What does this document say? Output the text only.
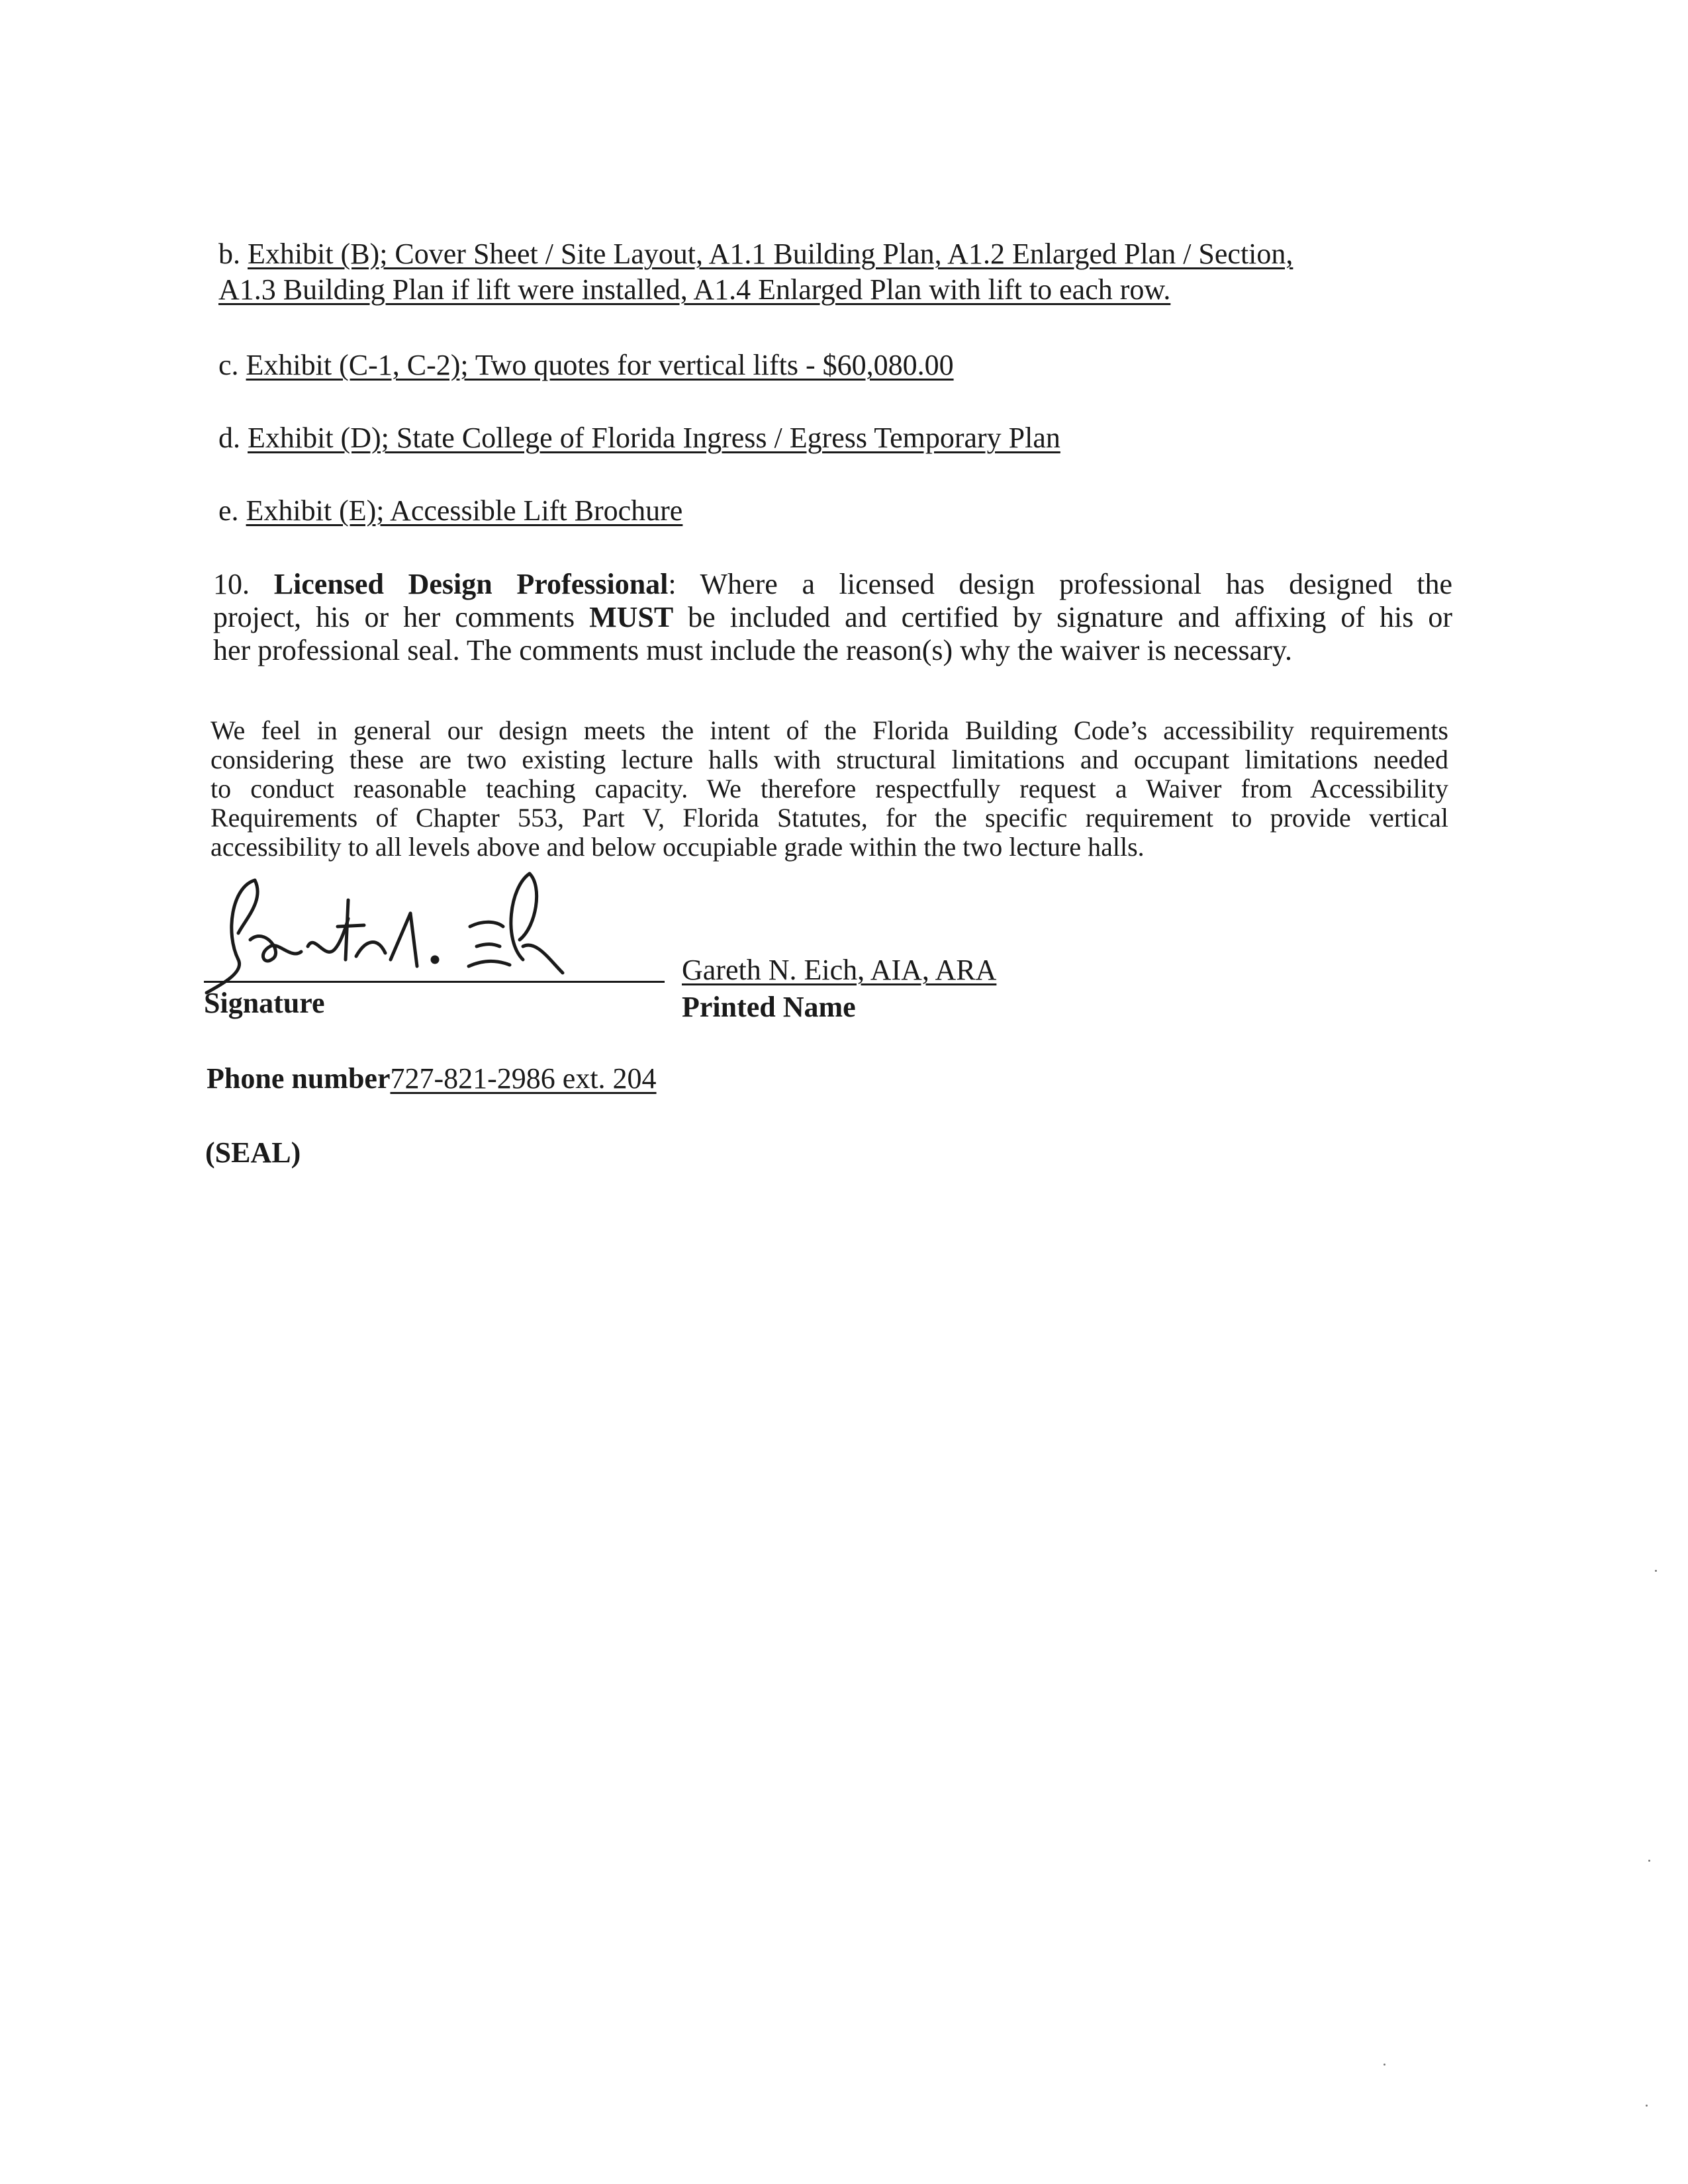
b. Exhibit (B); Cover Sheet / Site Layout, A1.1 Building Plan, A1.2 Enlarged Plan / Section,
A1.3 Building Plan if lift were installed, A1.4 Enlarged Plan with lift to each row.
c. Exhibit (C-1, C-2); Two quotes for vertical lifts - $60,080.00
d. Exhibit (D); State College of Florida Ingress / Egress Temporary Plan
e. Exhibit (E); Accessible Lift Brochure
10. Licensed Design Professional: Where a licensed design professional has designed the
project, his or her comments MUST be included and certified by signature and affixing of his or
her professional seal. The comments must include the reason(s) why the waiver is necessary.
We feel in general our design meets the intent of the Florida Building Code’s accessibility requirements
considering these are two existing lecture halls with structural limitations and occupant limitations needed
to conduct reasonable teaching capacity. We therefore respectfully request a Waiver from Accessibility
Requirements of Chapter 553, Part V, Florida Statutes, for the specific requirement to provide vertical
accessibility to all levels above and below occupiable grade within the two lecture halls.
Signature
Gareth N. Eich, AIA, ARA
Printed Name
Phone number727-821-2986 ext. 204
(SEAL)
